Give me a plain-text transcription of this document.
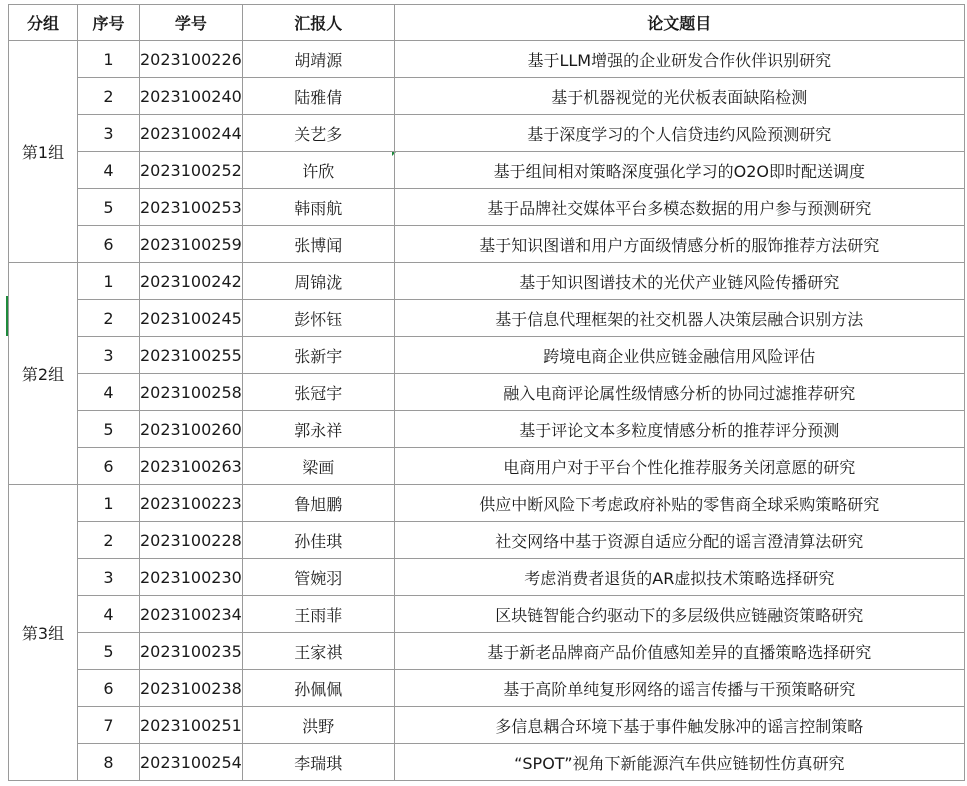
分组	序号	学号	汇报人	论文题目
第1组	1	2023100226	胡靖源	基于LLM增强的企业研发合作伙伴识别研究
	2	2023100240	陆雅倩	基于机器视觉的光伏板表面缺陷检测
	3	2023100244	关艺多	基于深度学习的个人信贷违约风险预测研究
	4	2023100252	许欣	基于组间相对策略深度强化学习的O2O即时配送调度
	5	2023100253	韩雨航	基于品牌社交媒体平台多模态数据的用户参与预测研究
	6	2023100259	张博闻	基于知识图谱和用户方面级情感分析的服饰推荐方法研究
第2组	1	2023100242	周锦泷	基于知识图谱技术的光伏产业链风险传播研究
	2	2023100245	彭怀钰	基于信息代理框架的社交机器人决策层融合识别方法
	3	2023100255	张新宇	跨境电商企业供应链金融信用风险评估
	4	2023100258	张冠宇	融入电商评论属性级情感分析的协同过滤推荐研究
	5	2023100260	郭永祥	基于评论文本多粒度情感分析的推荐评分预测
	6	2023100263	梁画	电商用户对于平台个性化推荐服务关闭意愿的研究
第3组	1	2023100223	鲁旭鹏	供应中断风险下考虑政府补贴的零售商全球采购策略研究
	2	2023100228	孙佳琪	社交网络中基于资源自适应分配的谣言澄清算法研究
	3	2023100230	管婉羽	考虑消费者退货的AR虚拟技术策略选择研究
	4	2023100234	王雨菲	区块链智能合约驱动下的多层级供应链融资策略研究
	5	2023100235	王家祺	基于新老品牌商产品价值感知差异的直播策略选择研究
	6	2023100238	孙佩佩	基于高阶单纯复形网络的谣言传播与干预策略研究
	7	2023100251	洪野	多信息耦合环境下基于事件触发脉冲的谣言控制策略
	8	2023100254	李瑞琪	“SPOT”视角下新能源汽车供应链韧性仿真研究
